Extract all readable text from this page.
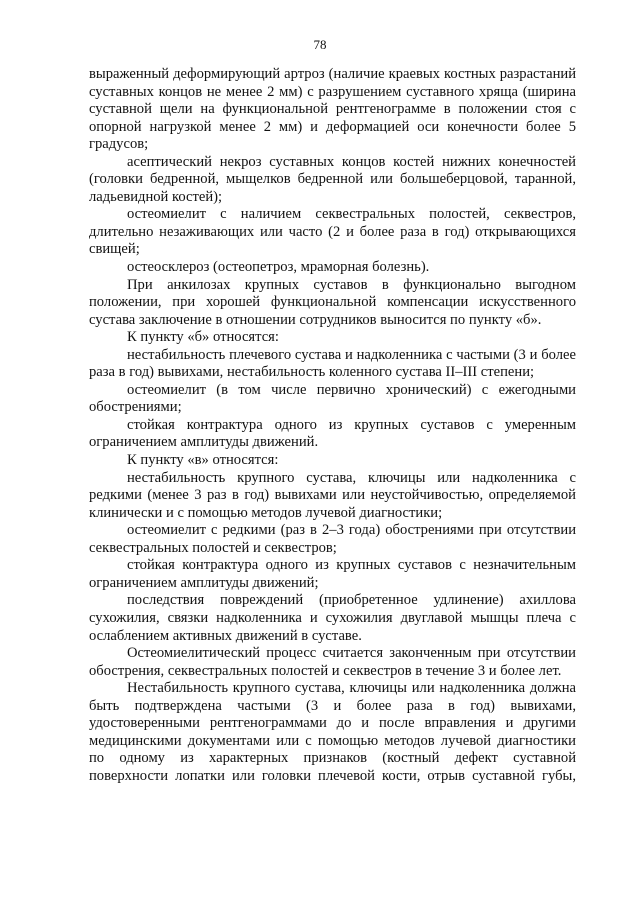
78

выраженный деформирующий артроз (наличие краевых костных разрастаний суставных концов не менее 2 мм) с разрушением суставного хряща (ширина суставной щели на функциональной рентгенограмме в положении стоя с опорной нагрузкой менее 2 мм) и деформацией оси конечности более 5 градусов;

асептический некроз суставных концов костей нижних конечностей (головки бедренной, мыщелков бедренной или большеберцовой, таранной, ладьевидной костей);

остеомиелит с наличием секвестральных полостей, секвестров, длительно незаживающих или часто (2 и более раза в год) открывающихся свищей;

остеосклероз (остеопетроз, мраморная болезнь).

При анкилозах крупных суставов в функционально выгодном положении, при хорошей функциональной компенсации искусственного сустава заключение в отношении сотрудников выносится по пункту «б».

К пункту «б» относятся:

нестабильность плечевого сустава и надколенника с частыми (3 и более раза в год) вывихами, нестабильность коленного сустава II–III степени;

остеомиелит (в том числе первично хронический) с ежегодными обострениями;

стойкая контрактура одного из крупных суставов с умеренным ограничением амплитуды движений.

К пункту «в» относятся:

нестабильность крупного сустава, ключицы или надколенника с редкими (менее 3 раз в год) вывихами или неустойчивостью, определяемой клинически и с помощью методов лучевой диагностики;

остеомиелит с редкими (раз в 2–3 года) обострениями при отсутствии секвестральных полостей и секвестров;

стойкая контрактура одного из крупных суставов с незначительным ограничением амплитуды движений;

последствия повреждений (приобретенное удлинение) ахиллова сухожилия, связки надколенника и сухожилия двуглавой мышцы плеча с ослаблением активных движений в суставе.

Остеомиелитический процесс считается законченным при отсутствии обострения, секвестральных полостей и секвестров в течение 3 и более лет.

Нестабильность крупного сустава, ключицы или надколенника должна быть подтверждена частыми (3 и более раза в год) вывихами, удостоверенными рентгенограммами до и после вправления и другими медицинскими документами или с помощью методов лучевой диагностики по одному из характерных признаков (костный дефект суставной поверхности лопатки или головки плечевой кости, отрыв суставной губы,
